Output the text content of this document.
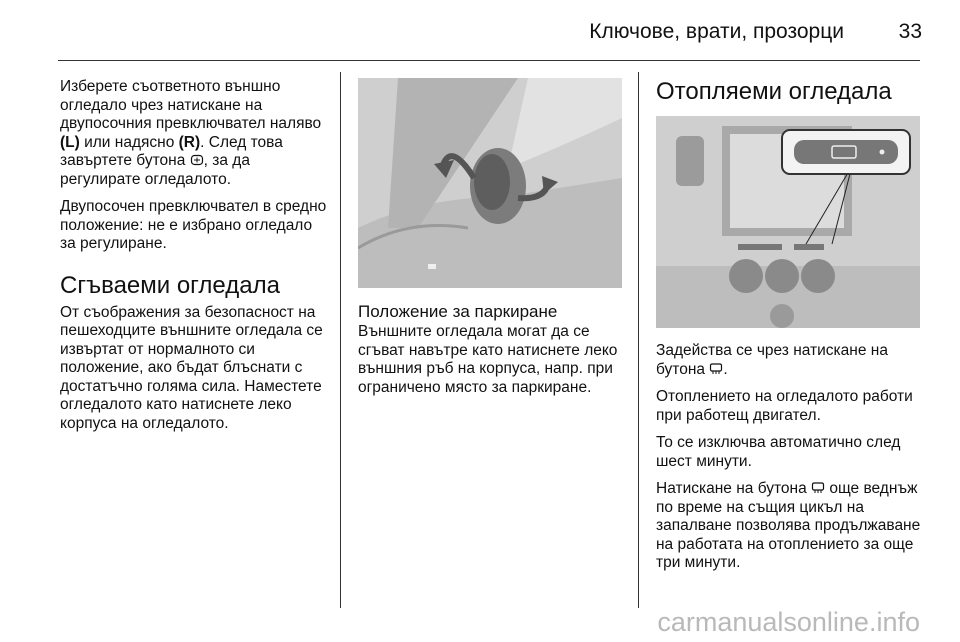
Ключове, врати, прозорци	33

Изберете съответното външно огледало чрез натискане на двупосочния превключвател наляво (L) или надясно (R). След това завъртете бутона , за да регулирате огледалото.

Двупосочен превключвател в средно положение: не е избрано огледало за регулиране.

Сгъваеми огледала

От съображения за безопасност на пешеходците външните огледала се извъртат от нормалното си положение, ако бъдат блъснати с достатъчно голяма сила. Наместете огледалото като натиснете леко корпуса на огледалото.

Положение за паркиране

Външните огледала могат да се сгъват навътре като натиснете леко външния ръб на корпуса, напр. при ограничено място за паркиране.

Отопляеми огледала

Задейства се чрез натискане на бутона .

Отоплението на огледалото работи при работещ двигател.

То се изключва автоматично след шест минути.

Натискане на бутона  още веднъж по време на същия цикъл на запалване позволява продължаване на работата на отоплението за още три минути.

carmanualsonline.info
